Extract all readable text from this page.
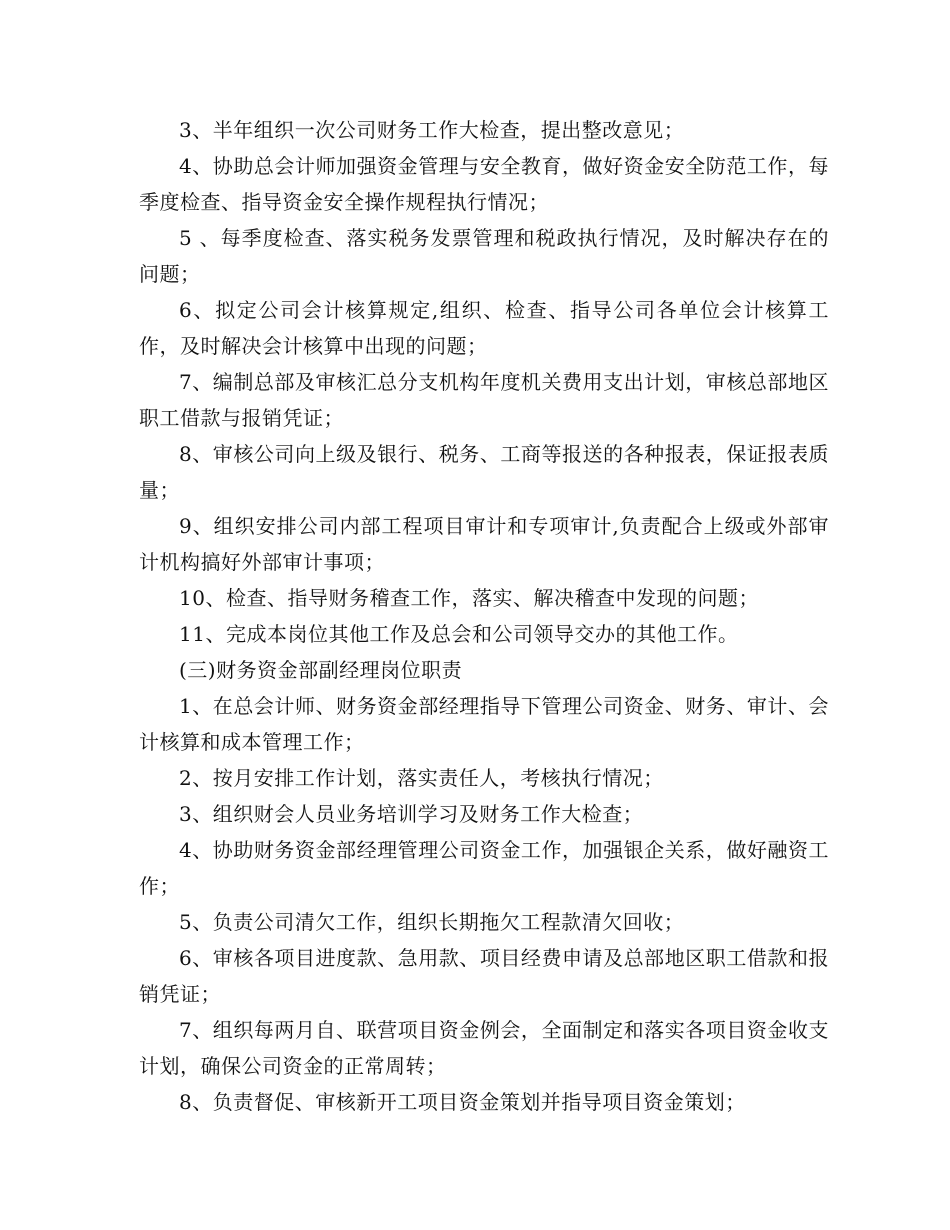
3、半年组织一次公司财务工作大检查，提出整改意见；

4、协助总会计师加强资金管理与安全教育，做好资金安全防范工作，每季度检查、指导资金安全操作规程执行情况；

5 、每季度检查、落实税务发票管理和税政执行情况，及时解决存在的问题；

6、拟定公司会计核算规定,组织、检查、指导公司各单位会计核算工作，及时解决会计核算中出现的问题；

7、编制总部及审核汇总分支机构年度机关费用支出计划，审核总部地区职工借款与报销凭证；

8、审核公司向上级及银行、税务、工商等报送的各种报表，保证报表质量；

9、组织安排公司内部工程项目审计和专项审计,负责配合上级或外部审计机构搞好外部审计事项；

10、检查、指导财务稽查工作，落实、解决稽查中发现的问题；

11、完成本岗位其他工作及总会和公司领导交办的其他工作。

(三)财务资金部副经理岗位职责

1、在总会计师、财务资金部经理指导下管理公司资金、财务、审计、会计核算和成本管理工作；

2、按月安排工作计划，落实责任人，考核执行情况；

3、组织财会人员业务培训学习及财务工作大检查；

4、协助财务资金部经理管理公司资金工作，加强银企关系，做好融资工作；

5、负责公司清欠工作，组织长期拖欠工程款清欠回收；

6、审核各项目进度款、急用款、项目经费申请及总部地区职工借款和报销凭证；

7、组织每两月自、联营项目资金例会，全面制定和落实各项目资金收支计划，确保公司资金的正常周转；

8、负责督促、审核新开工项目资金策划并指导项目资金策划；
